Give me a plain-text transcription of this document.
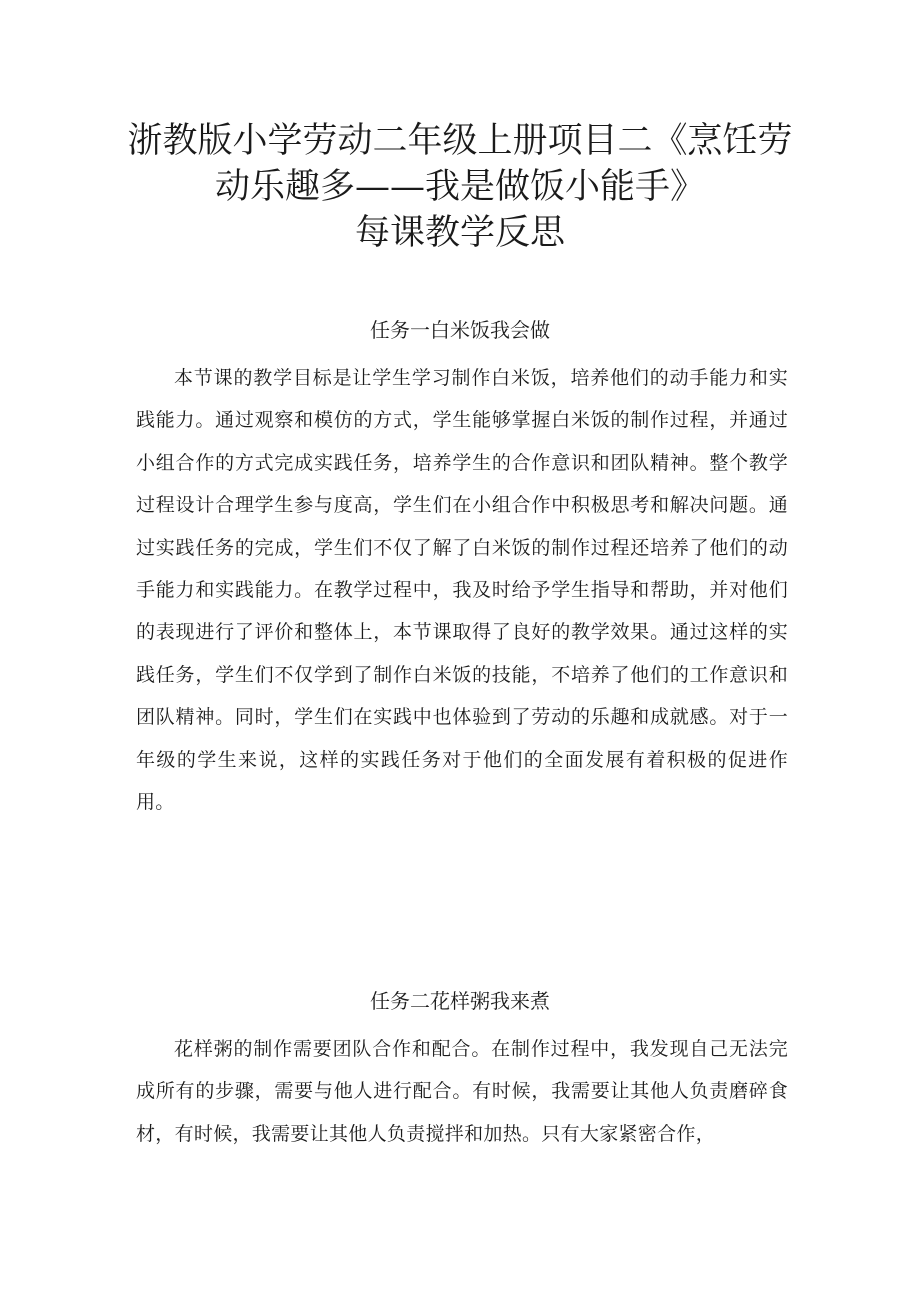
浙教版小学劳动二年级上册项目二《烹饪劳
动乐趣多——我是做饭小能手》
每课教学反思
任务一白米饭我会做

本节课的教学目标是让学生学习制作白米饭，培养他们的动手能力和实践能力。通过观察和模仿的方式，学生能够掌握白米饭的制作过程，并通过小组合作的方式完成实践任务，培养学生的合作意识和团队精神。整个教学过程设计合理学生参与度高，学生们在小组合作中积极思考和解决问题。通过实践任务的完成，学生们不仅了解了白米饭的制作过程还培养了他们的动手能力和实践能力。在教学过程中，我及时给予学生指导和帮助，并对他们的表现进行了评价和整体上，本节课取得了良好的教学效果。通过这样的实践任务，学生们不仅学到了制作白米饭的技能，不培养了他们的工作意识和团队精神。同时，学生们在实践中也体验到了劳动的乐趣和成就感。对于一年级的学生来说，这样的实践任务对于他们的全面发展有着积极的促进作用。

任务二花样粥我来煮

花样粥的制作需要团队合作和配合。在制作过程中，我发现自己无法完成所有的步骤，需要与他人进行配合。有时候，我需要让其他人负责磨碎食材，有时候，我需要让其他人负责搅拌和加热。只有大家紧密合作，
